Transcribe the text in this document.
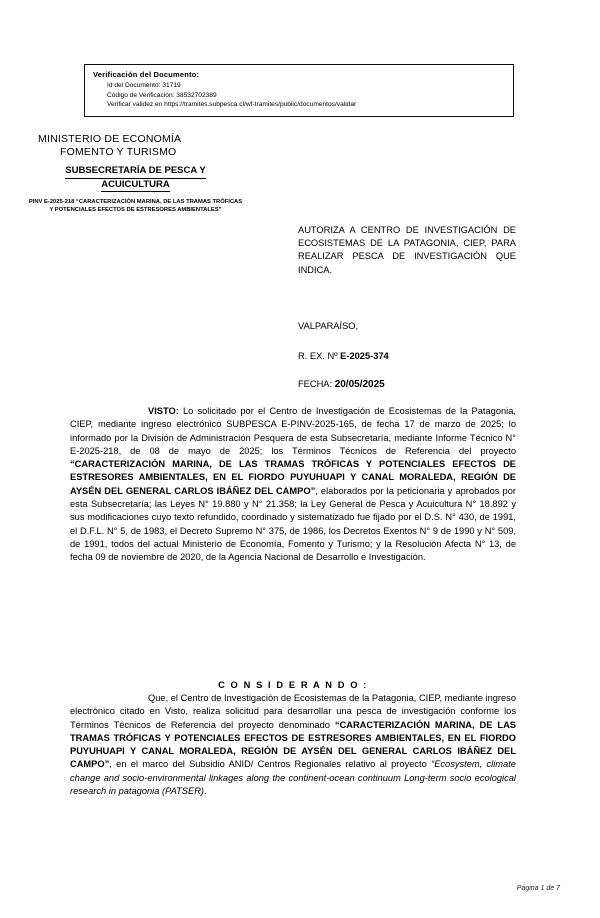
Verificación del Documento:
• Id del Documento: 31719
• Código de Verificación: 38532702389
• Verificar validez en https://tramites.subpesca.cl/wf-tramites/public/documentos/validar
MINISTERIO DE ECONOMÍA
FOMENTO Y TURISMO
SUBSECRETARÍA DE PESCA Y
ACUICULTURA
PINV E-2025-218 “CARACTERIZACIÓN MARINA, DE LAS TRAMAS TRÓFICAS Y POTENCIALES EFECTOS DE ESTRESORES AMBIENTALES”
AUTORIZA A CENTRO DE INVESTIGACIÓN DE ECOSISTEMAS DE LA PATAGONIA, CIEP, PARA REALIZAR PESCA DE INVESTIGACIÓN QUE INDICA.
VALPARAÍSO,
R. EX. Nº E-2025-374
FECHA: 20/05/2025
VISTO: Lo solicitado por el Centro de Investigación de Ecosistemas de la Patagonia, CIEP, mediante ingreso electrónico SUBPESCA E-PINV-2025-165, de fecha 17 de marzo de 2025; lo informado por la División de Administración Pesquera de esta Subsecretaría, mediante Informe Técnico N° E-2025-218, de 08 de mayo de 2025; los Términos Técnicos de Referencia del proyecto “CARACTERIZACIÓN MARINA, DE LAS TRAMAS TRÓFICAS Y POTENCIALES EFECTOS DE ESTRESORES AMBIENTALES, EN EL FIORDO PUYUHUAPI Y CANAL MORALEDA, REGIÓN DE AYSÉN DEL GENERAL CARLOS IBÁÑEZ DEL CAMPO”, elaborados por la peticionaria y aprobados por esta Subsecretaría; las Leyes N° 19.880 y N° 21.358; la Ley General de Pesca y Acuicultura N° 18.892 y sus modificaciones cuyo texto refundido, coordinado y sistematizado fue fijado por el D.S. N° 430, de 1991, el D.F.L. N° 5, de 1983, el Decreto Supremo N° 375, de 1986, los Decretos Exentos N° 9 de 1990 y N° 509, de 1991, todos del actual Ministerio de Economía, Fomento y Turismo; y la Resolución Afecta N° 13, de fecha 09 de noviembre de 2020, de la Agencia Nacional de Desarrollo e Investigación.
C O N S I D E R A N D O :
Que, el Centro de Investigación de Ecosistemas de la Patagonia, CIEP, mediante ingreso electrónico citado en Visto, realiza solicitud para desarrollar una pesca de investigación conforme los Términos Técnicos de Referencia del proyecto denominado “CARACTERIZACIÓN MARINA, DE LAS TRAMAS TRÓFICAS Y POTENCIALES EFECTOS DE ESTRESORES AMBIENTALES, EN EL FIORDO PUYUHUAPI Y CANAL MORALEDA, REGIÓN DE AYSÉN DEL GENERAL CARLOS IBÁÑEZ DEL CAMPO”, en el marco del Subsidio ANID/ Centros Regionales relativo al proyecto “Ecosystem, climate change and socio-environmental linkages along the continent-ocean continuum Long-term socio ecological research in patagonia (PATSER).
Página 1 de 7
